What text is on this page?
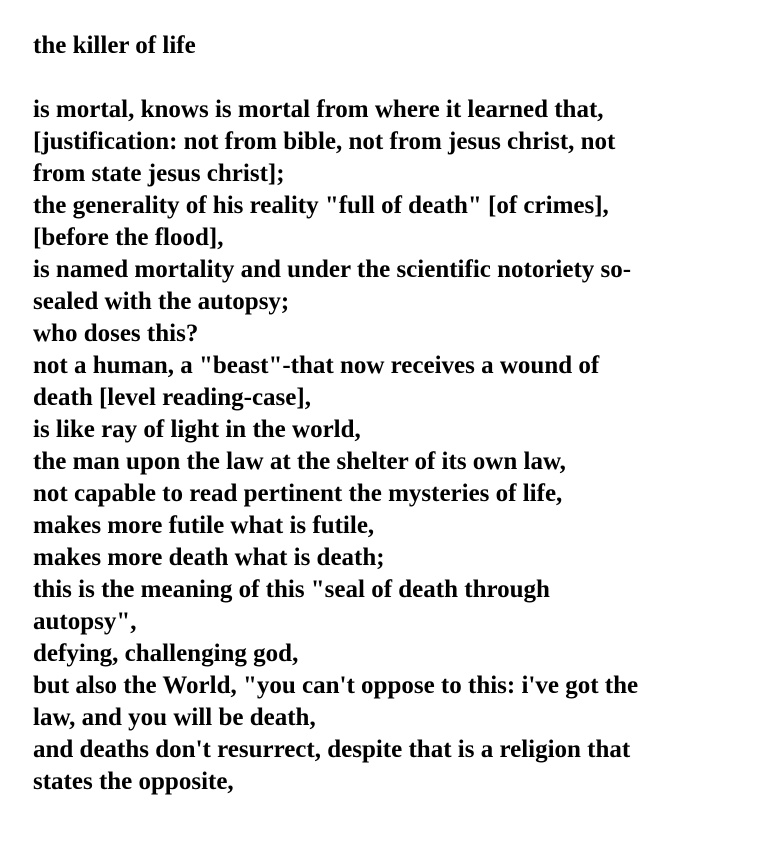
the killer of life
is mortal, knows is mortal from where it learned that,
[justification: not from bible, not from jesus christ, not
from state jesus christ];
the generality of his reality "full of death" [of crimes],
[before the flood],
is named mortality and under the scientific notoriety so-
sealed with the autopsy;
who doses this?
not a human, a "beast"-that now receives a wound of
death [level reading-case],
is like ray of light in the world,
the man upon the law at the shelter of its own law,
not capable to read pertinent the mysteries of life,
makes more futile what is futile,
makes more death what is death;
this is the meaning of this "seal of death through
autopsy",
defying, challenging god,
but also the World, "you can't oppose to this: i've got the
law, and you will be death,
and deaths don't resurrect, despite that is a religion that
states the opposite,
